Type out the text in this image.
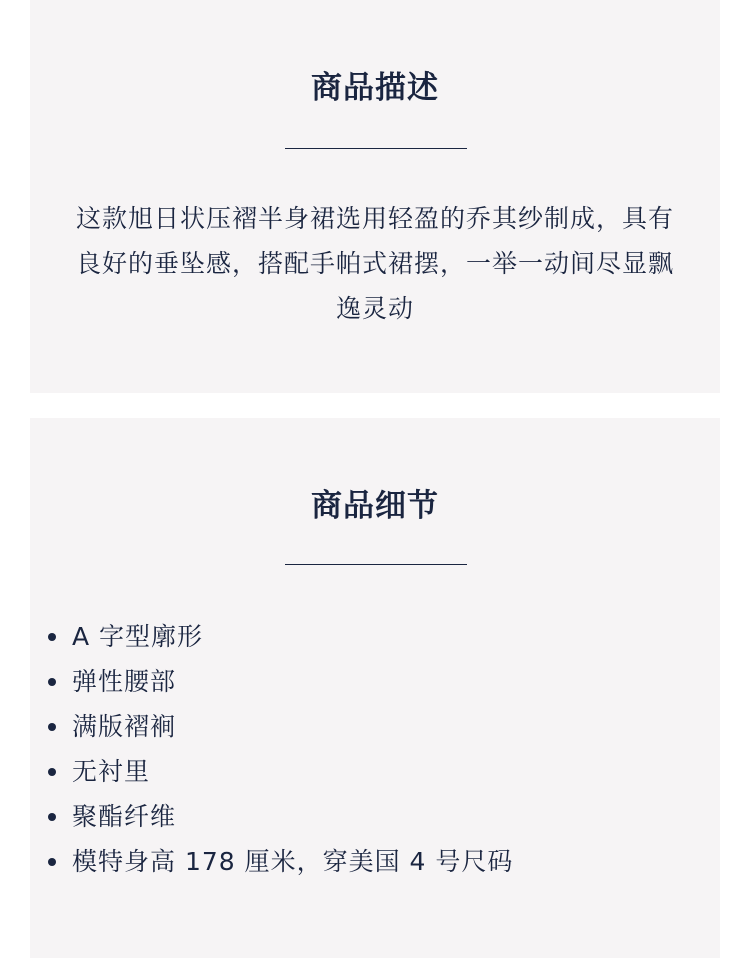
商品描述

这款旭日状压褶半身裙选用轻盈的乔其纱制成，具有良好的垂坠感，搭配手帕式裙摆，一举一动间尽显飘逸灵动

商品细节
A 字型廓形
弹性腰部
满版褶裥
无衬里
聚酯纤维
模特身高 178 厘米，穿美国 4 号尺码
